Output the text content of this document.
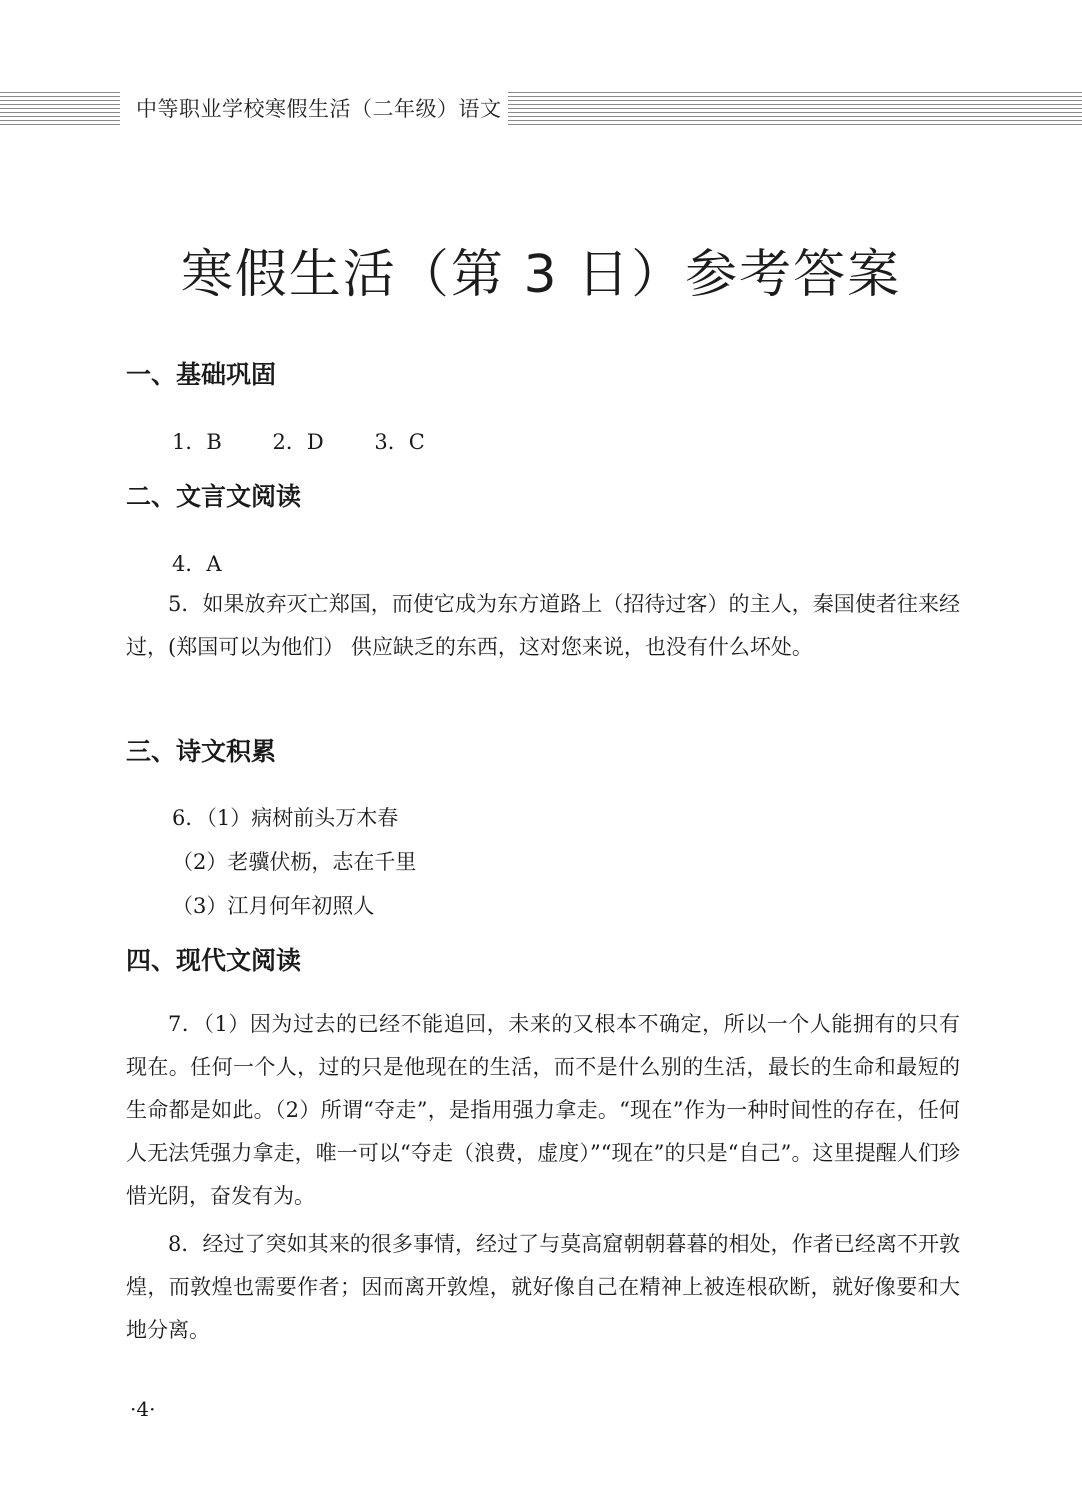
中等职业学校寒假生活（二年级）语文
寒假生活（第 3 日）参考答案
一、基础巩固
1．B 2．D 3．C
二、文言文阅读
4．A
5．如果放弃灭亡郑国，而使它成为东方道路上（招待过客）的主人，秦国使者往来经过，(郑国可以为他们） 供应缺乏的东西，这对您来说，也没有什么坏处。
三、诗文积累
6．（1）病树前头万木春
（2）老骥伏枥，志在千里
（3）江月何年初照人
四、现代文阅读
7．（1）因为过去的已经不能追回，未来的又根本不确定，所以一个人能拥有的只有现在。任何一个人，过的只是他现在的生活，而不是什么别的生活，最长的生命和最短的生命都是如此。（2）所谓“夺走”，是指用强力拿走。“现在”作为一种时间性的存在，任何人无法凭强力拿走，唯一可以“夺走（浪费，虚度）”“现在”的只是“自己”。这里提醒人们珍惜光阴，奋发有为。
8．经过了突如其来的很多事情，经过了与莫高窟朝朝暮暮的相处，作者已经离不开敦煌，而敦煌也需要作者；因而离开敦煌，就好像自己在精神上被连根砍断，就好像要和大地分离。
·4·
